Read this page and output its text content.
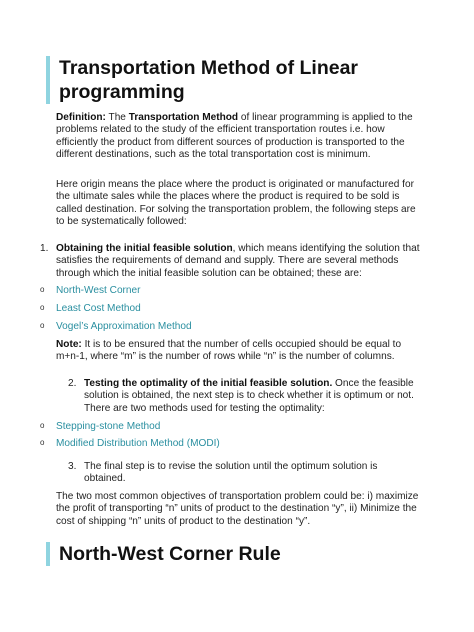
Transportation Method of Linear programming

Definition: The Transportation Method of linear programming is applied to the problems related to the study of the efficient transportation routes i.e. how efficiently the product from different sources of production is transported to the different destinations, such as the total transportation cost is minimum.

Here origin means the place where the product is originated or manufactured for the ultimate sales while the places where the product is required to be sold is called destination. For solving the transportation problem, the following steps are to be systematically followed:

1. Obtaining the initial feasible solution, which means identifying the solution that satisfies the requirements of demand and supply. There are several methods through which the initial feasible solution can be obtained; these are:

o North-West Corner
o Least Cost Method
o Vogel’s Approximation Method

Note: It is to be ensured that the number of cells occupied should be equal to m+n-1, where “m” is the number of rows while “n” is the number of columns.

2. Testing the optimality of the initial feasible solution. Once the feasible solution is obtained, the next step is to check whether it is optimum or not. There are two methods used for testing the optimality:

o Stepping-stone Method
o Modified Distribution Method (MODI)
3. The final step is to revise the solution until the optimum solution is obtained.

The two most common objectives of transportation problem could be: i) maximize the profit of transporting “n” units of product to the destination “y”, ii) Minimize the cost of shipping “n” units of product to the destination “y”.

North-West Corner Rule
